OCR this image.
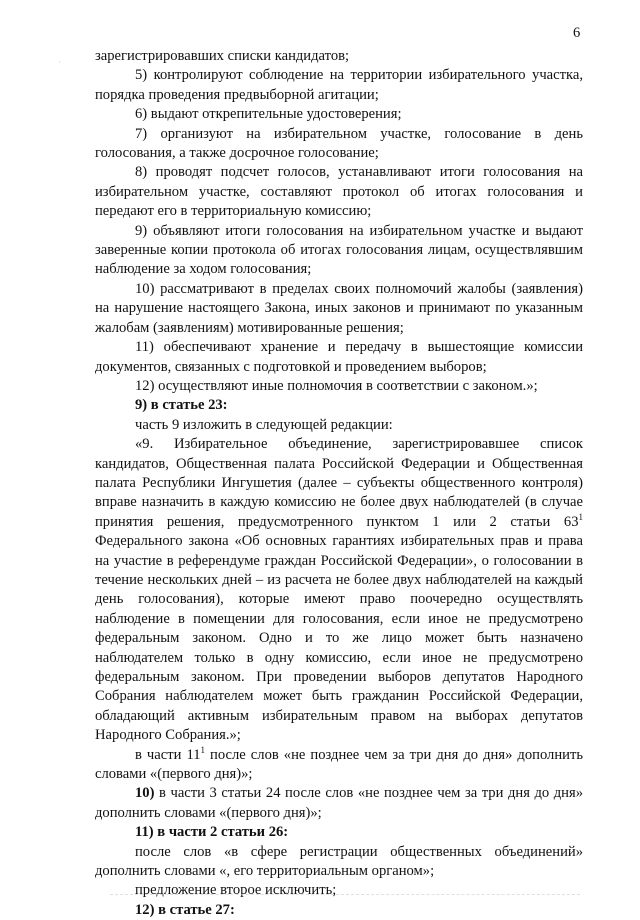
6
· зарегистрировавших списки кандидатов;

5) контролируют соблюдение на территории избирательного участка, порядка проведения предвыборной агитации;

6) выдают открепительные удостоверения;

7) организуют на избирательном участке, голосование в день голосования, а также досрочное голосование;

8) проводят подсчет голосов, устанавливают итоги голосования на избирательном участке, составляют протокол об итогах голосования и передают его в территориальную комиссию;

9) объявляют итоги голосования на избирательном участке и выдают заверенные копии протокола об итогах голосования лицам, осуществлявшим наблюдение за ходом голосования;

10) рассматривают в пределах своих полномочий жалобы (заявления) на нарушение настоящего Закона, иных законов и принимают по указанным жалобам (заявлениям) мотивированные решения;

11) обеспечивают хранение и передачу в вышестоящие комиссии документов, связанных с подготовкой и проведением выборов;

12) осуществляют иные полномочия в соответствии с законом.»;

9) в статье 23:

часть 9 изложить в следующей редакции:

«9. Избирательное объединение, зарегистрировавшее список кандидатов, Общественная палата Российской Федерации и Общественная палата Республики Ингушетия (далее – субъекты общественного контроля) вправе назначить в каждую комиссию не более двух наблюдателей (в случае принятия решения, предусмотренного пунктом 1 или 2 статьи $63^1$ Федерального закона «Об основных гарантиях избирательных прав и права на участие в референдуме граждан Российской Федерации», о голосовании в течение нескольких дней – из расчета не более двух наблюдателей на каждый день голосования), которые имеют право поочередно осуществлять наблюдение в помещении для голосования, если иное не предусмотрено федеральным законом. Одно и то же лицо может быть назначено наблюдателем только в одну комиссию, если иное не предусмотрено федеральным законом. При проведении выборов депутатов Народного Собрания наблюдателем может быть гражданин Российской Федерации, обладающий активным избирательным правом на выборах депутатов Народного Собрания.»;

в части $11^1$ после слов «не позднее чем за три дня до дня» дополнить словами «(первого дня)»;

10) в части 3 статьи 24 после слов «не позднее чем за три дня до дня» дополнить словами «(первого дня)»;

11) в части 2 статьи 26:

после слов «в сфере регистрации общественных объединений» дополнить словами «, его территориальным органом»;

предложение второе исключить;

12) в статье 27:
